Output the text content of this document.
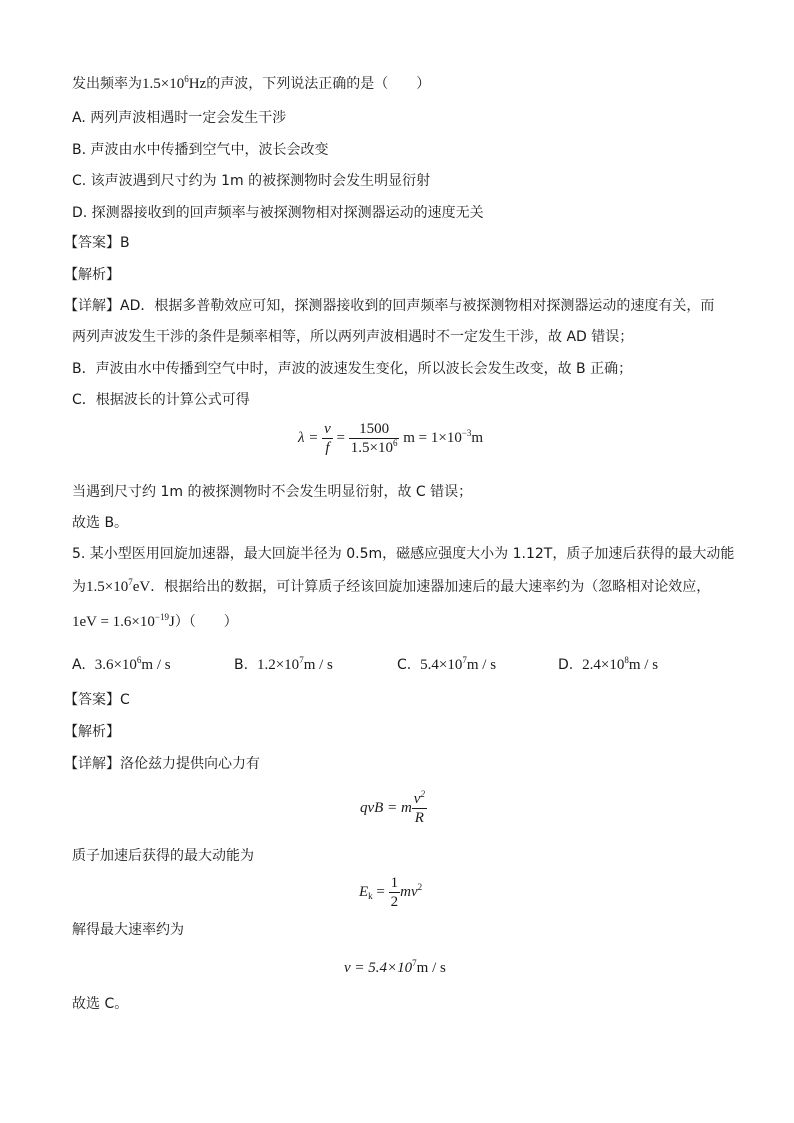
发出频率为$1.5\times 10^6Hz$的声波，下列说法正确的是（　　）
A. 两列声波相遇时一定会发生干涉
B. 声波由水中传播到空气中，波长会改变
C. 该声波遇到尺寸约为 1m 的被探测物时会发生明显衍射
D. 探测器接收到的回声频率与被探测物相对探测器运动的速度无关
【答案】B
【解析】
【详解】AD．根据多普勒效应可知，探测器接收到的回声频率与被探测物相对探测器运动的速度有关，而
两列声波发生干涉的条件是频率相等，所以两列声波相遇时不一定发生干涉，故 AD 错误；
B．声波由水中传播到空气中时，声波的波速发生变化，所以波长会发生改变，故 B 正确；
C．根据波长的计算公式可得
$\lambda = \frac{v}{f} = \frac{1500}{1.5\times 10^6}$ $m = 1\times 10^{-3}m$
当遇到尺寸约 1m 的被探测物时不会发生明显衍射，故 C 错误；
故选 B。
5. 某小型医用回旋加速器，最大回旋半径为 0.5m，磁感应强度大小为 1.12T，质子加速后获得的最大动能
为$1.5\times 10^7eV$．根据给出的数据，可计算质子经该回旋加速器加速后的最大速率约为（忽略相对论效应，
$1eV = 1.6\times 10^{-19}J$）（　　）
A. $3.6\times 10^6m / s$	B. $1.2\times 10^7m / s$	C. $5.4\times 10^7m / s$	D. $2.4\times 10^8m / s$
【答案】C
【解析】
【详解】洛伦兹力提供向心力有
qvB = m $\frac{v^2}{R}$
质子加速后获得的最大动能为
$E_k = \frac{1}{2} mv^2$
解得最大速率约为
$v = 5.4\times 10^7m / s$
故选 C。
